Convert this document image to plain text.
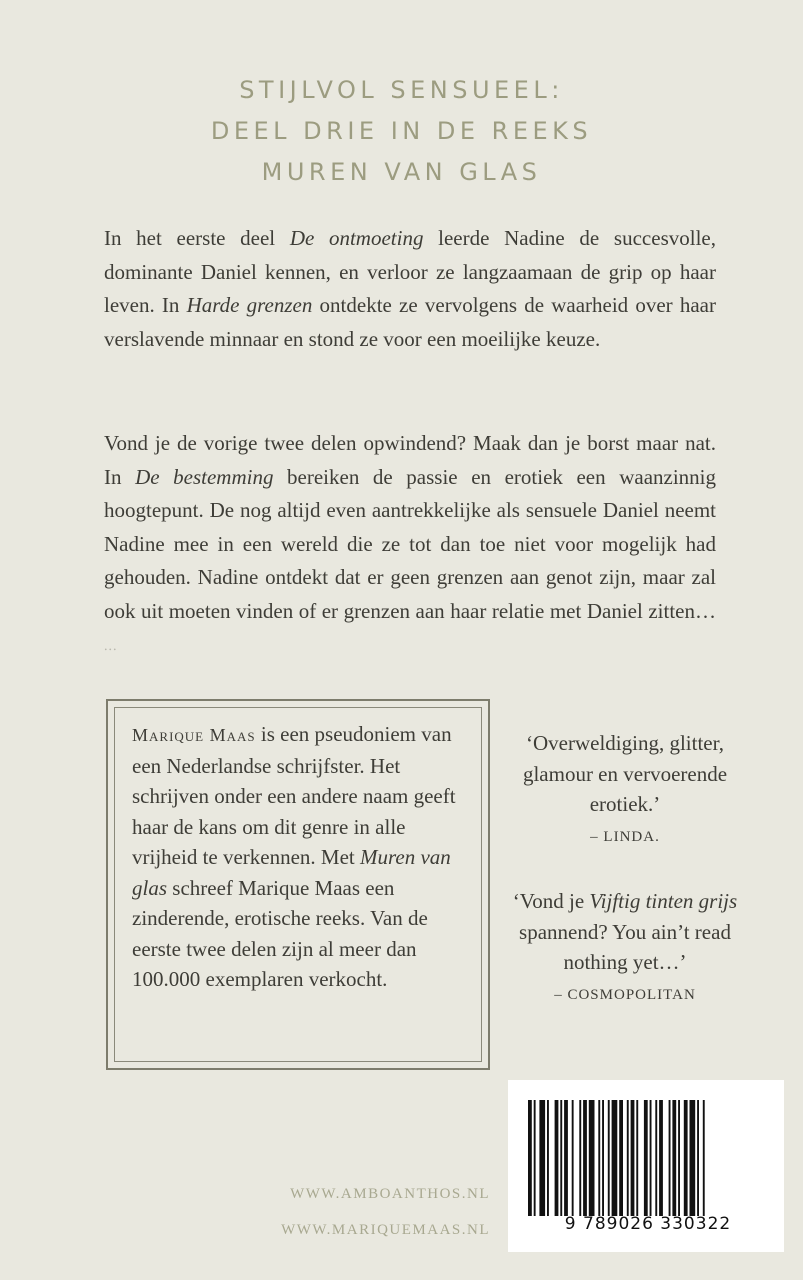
STIJLVOL SENSUEEL:
DEEL DRIE IN DE REEKS
MUREN VAN GLAS

In het eerste deel De ontmoeting leerde Nadine de succesvolle, dominante Daniel kennen, en verloor ze langzaamaan de grip op haar leven. In Harde grenzen ontdekte ze vervolgens de waarheid over haar verslavende minnaar en stond ze voor een moeilijke keuze.

Vond je de vorige twee delen opwindend? Maak dan je borst maar nat. In De bestemming bereiken de passie en erotiek een waanzinnig hoogtepunt. De nog altijd even aantrekkelijke als sensuele Daniel neemt Nadine mee in een wereld die ze tot dan toe niet voor mogelijk had gehouden. Nadine ontdekt dat er geen grenzen aan genot zijn, maar zal ook uit moeten vinden of er grenzen aan haar relatie met Daniel zitten… ∙∙∙

Marique Maas is een pseudoniem van een Nederlandse schrijfster. Het schrijven onder een andere naam geeft haar de kans om dit genre in alle vrijheid te verkennen. Met Muren van glas schreef Marique Maas een zinderende, erotische reeks. Van de eerste twee delen zijn al meer dan 100.000 exemplaren verkocht.
‘Overweldiging, glitter, glamour en vervoerende erotiek.’
– LINDA.
‘Vond je Vijftig tinten grijs spannend? You ain’t read nothing yet…’
– COSMOPOLITAN
WWW.AMBOANTHOS.NL
WWW.MARIQUEMAAS.NL	9 789026 330322
